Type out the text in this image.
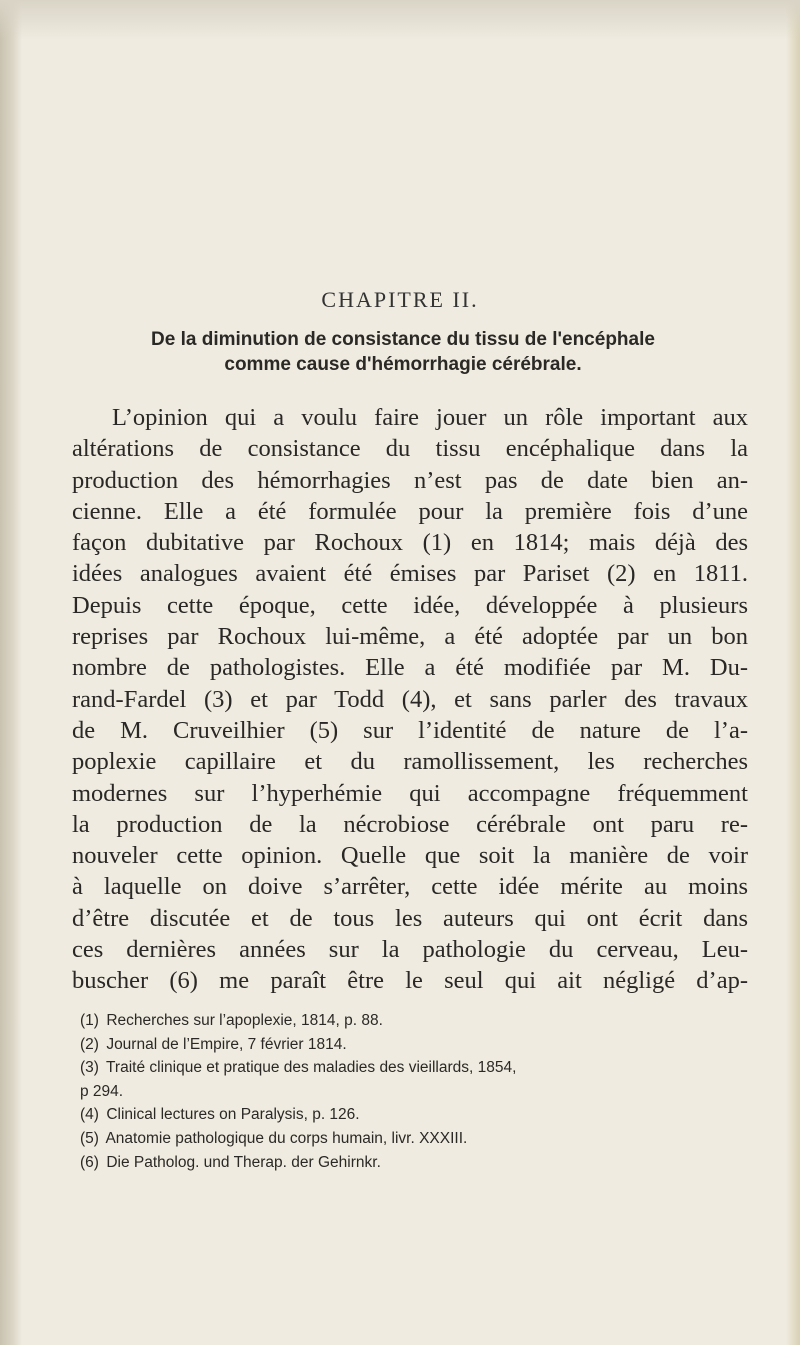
CHAPITRE II.
De la diminution de consistance du tissu de l'encéphale
comme cause d'hémorrhagie cérébrale.
L’opinion qui a voulu faire jouer un rôle important aux
altérations de consistance du tissu encéphalique dans la
production des hémorrhagies n’est pas de date bien an-
cienne. Elle a été formulée pour la première fois d’une
façon dubitative par Rochoux (1) en 1814; mais déjà des
idées analogues avaient été émises par Pariset (2) en 1811.
Depuis cette époque, cette idée, développée à plusieurs
reprises par Rochoux lui-même, a été adoptée par un bon
nombre de pathologistes. Elle a été modifiée par M. Du-
rand-Fardel (3) et par Todd (4), et sans parler des travaux
de M. Cruveilhier (5) sur l’identité de nature de l’a-
poplexie capillaire et du ramollissement, les recherches
modernes sur l’hyperhémie qui accompagne fréquemment
la production de la nécrobiose cérébrale ont paru re-
nouveler cette opinion. Quelle que soit la manière de voir
à laquelle on doive s’arrêter, cette idée mérite au moins
d’être discutée et de tous les auteurs qui ont écrit dans
ces dernières années sur la pathologie du cerveau, Leu-
buscher (6) me paraît être le seul qui ait négligé d’ap-
(1) Recherches sur l’apoplexie, 1814, p. 88.
(2) Journal de l’Empire, 7 février 1814.
(3) Traité clinique et pratique des maladies des vieillards, 1854,
p 294.
(4) Clinical lectures on Paralysis, p. 126.
(5) Anatomie pathologique du corps humain, livr. XXXIII.
(6) Die Patholog. und Therap. der Gehirnkr.
